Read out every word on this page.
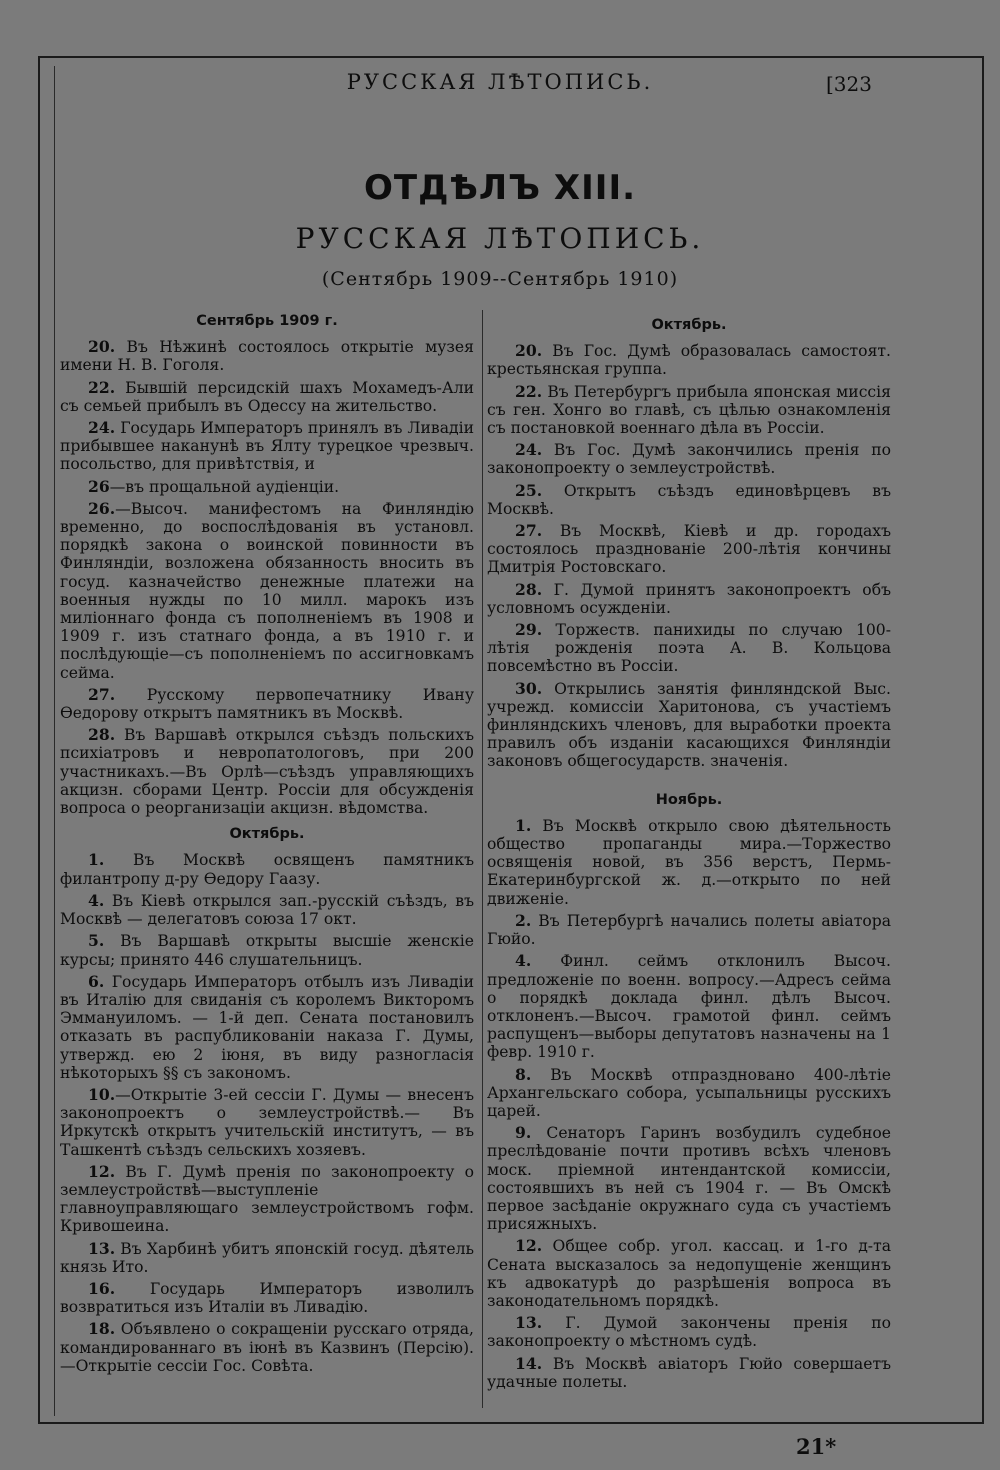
РУССКАЯ ЛѢТОПИСЬ.	[323
ОТДѢЛЪ XIII.
РУССКАЯ ЛѢТОПИСЬ.
(Сентябрь 1909--Сентябрь 1910)
Сентябрь 1909 г.

20. Въ Нѣжинѣ состоялось открытіе музея имени Н. В. Гоголя.

22. Бывшій персидскій шахъ Мохамедъ-Али съ семьей прибылъ въ Одессу на жительство.

24. Государь Императоръ принялъ въ Ливадіи прибывшее наканунѣ въ Ялту турецкое чрезвыч. посольство, для привѣтствія, и

26—въ прощальной аудіенціи.

26.—Высоч. манифестомъ на Финляндію временно, до воспослѣдованія въ установл. порядкѣ закона о воинской повинности въ Финляндіи, возложена обязанность вносить въ госуд. казначейство денежные платежи на военныя нужды по 10 милл. марокъ изъ миліоннаго фонда съ пополненіемъ въ 1908 и 1909 г. изъ статнаго фонда, а въ 1910 г. и послѣдующіе—съ пополненіемъ по ассигновкамъ сейма.

27. Русскому первопечатнику Ивану Ѳедорову открытъ памятникъ въ Москвѣ.

28. Въ Варшавѣ открылся съѣздъ польскихъ психіатровъ и невропатологовъ, при 200 участникахъ.—Въ Орлѣ—съѣздъ управляющихъ акцизн. сборами Центр. Россіи для обсужденія вопроса о реорганизаціи акцизн. вѣдомства.

Октябрь.

1. Въ Москвѣ освященъ памятникъ филантропу д-ру Ѳедору Гаазу.

4. Въ Кіевѣ открылся зап.-русскій съѣздъ, въ Москвѣ — делегатовъ союза 17 окт.

5. Въ Варшавѣ открыты высшіе женскіе курсы; принято 446 слушательницъ.

6. Государь Императоръ отбылъ изъ Ливадіи въ Италію для свиданія съ королемъ Викторомъ Эммануиломъ. — 1-й деп. Сената постановилъ отказать въ распубликованіи наказа Г. Думы, утвержд. ею 2 іюня, въ виду разногласія нѣкоторыхъ §§ съ закономъ.

10.—Открытіе 3-ей сессіи Г. Думы — внесенъ законопроектъ о землеустройствѣ.— Въ Иркутскѣ открытъ учительскій институтъ, — въ Ташкентѣ съѣздъ сельскихъ хозяевъ.

12. Въ Г. Думѣ пренія по законопроекту о землеустройствѣ—выступленіе главноуправляющаго землеустройствомъ гофм. Кривошеина.

13. Въ Харбинѣ убитъ японскій госуд. дѣятель князь Ито.

16. Государь Императоръ изволилъ возвратиться изъ Италіи въ Ливадію.

18. Объявлено о сокращеніи русскаго отряда, командированнаго въ іюнѣ въ Казвинъ (Персію).—Открытіе сессіи Гос. Совѣта.

Октябрь.

20. Въ Гос. Думѣ образовалась самостоят. крестьянская группа.

22. Въ Петербургъ прибыла японская миссія съ ген. Хонго во главѣ, съ цѣлью ознакомленія съ постановкой военнаго дѣла въ Россіи.

24. Въ Гос. Думѣ закончились пренія по законопроекту о землеустройствѣ.

25. Открытъ съѣздъ единовѣрцевъ въ Москвѣ.

27. Въ Москвѣ, Кіевѣ и др. городахъ состоялось празднованіе 200-лѣтія кончины Дмитрія Ростовскаго.

28. Г. Думой принятъ законопроектъ объ условномъ осужденіи.

29. Торжеств. панихиды по случаю 100-лѣтія рожденія поэта А. В. Кольцова повсемѣстно въ Россіи.

30. Открылись занятія финляндской Выс. учрежд. комиссіи Харитонова, съ участіемъ финляндскихъ членовъ, для выработки проекта правилъ объ изданіи касающихся Финляндіи законовъ общегосударств. значенія.

Ноябрь.

1. Въ Москвѣ открыло свою дѣятельность общество пропаганды мира.—Торжество освященія новой, въ 356 верстъ, Пермь-Екатеринбургской ж. д.—открыто по ней движеніе.

2. Въ Петербургѣ начались полеты авіатора Гюйо.

4. Финл. сеймъ отклонилъ Высоч. предложеніе по военн. вопросу.—Адресъ сейма о порядкѣ доклада финл. дѣлъ Высоч. отклоненъ.—Высоч. грамотой финл. сеймъ распущенъ—выборы депутатовъ назначены на 1 февр. 1910 г.

8. Въ Москвѣ отпраздновано 400-лѣтіе Архангельскаго собора, усыпальницы русскихъ царей.

9. Сенаторъ Гаринъ возбудилъ судебное преслѣдованіе почти противъ всѣхъ членовъ моск. пріемной интендантской комиссіи, состоявшихъ въ ней съ 1904 г. — Въ Омскѣ первое засѣданіе окружнаго суда съ участіемъ присяжныхъ.

12. Общее собр. угол. кассац. и 1-го д-та Сената высказалось за недопущеніе женщинъ къ адвокатурѣ до разрѣшенія вопроса въ законодательномъ порядкѣ.

13. Г. Думой закончены пренія по законопроекту о мѣстномъ судѣ.

14. Въ Москвѣ авіаторъ Гюйо совершаетъ удачные полеты.

21*
